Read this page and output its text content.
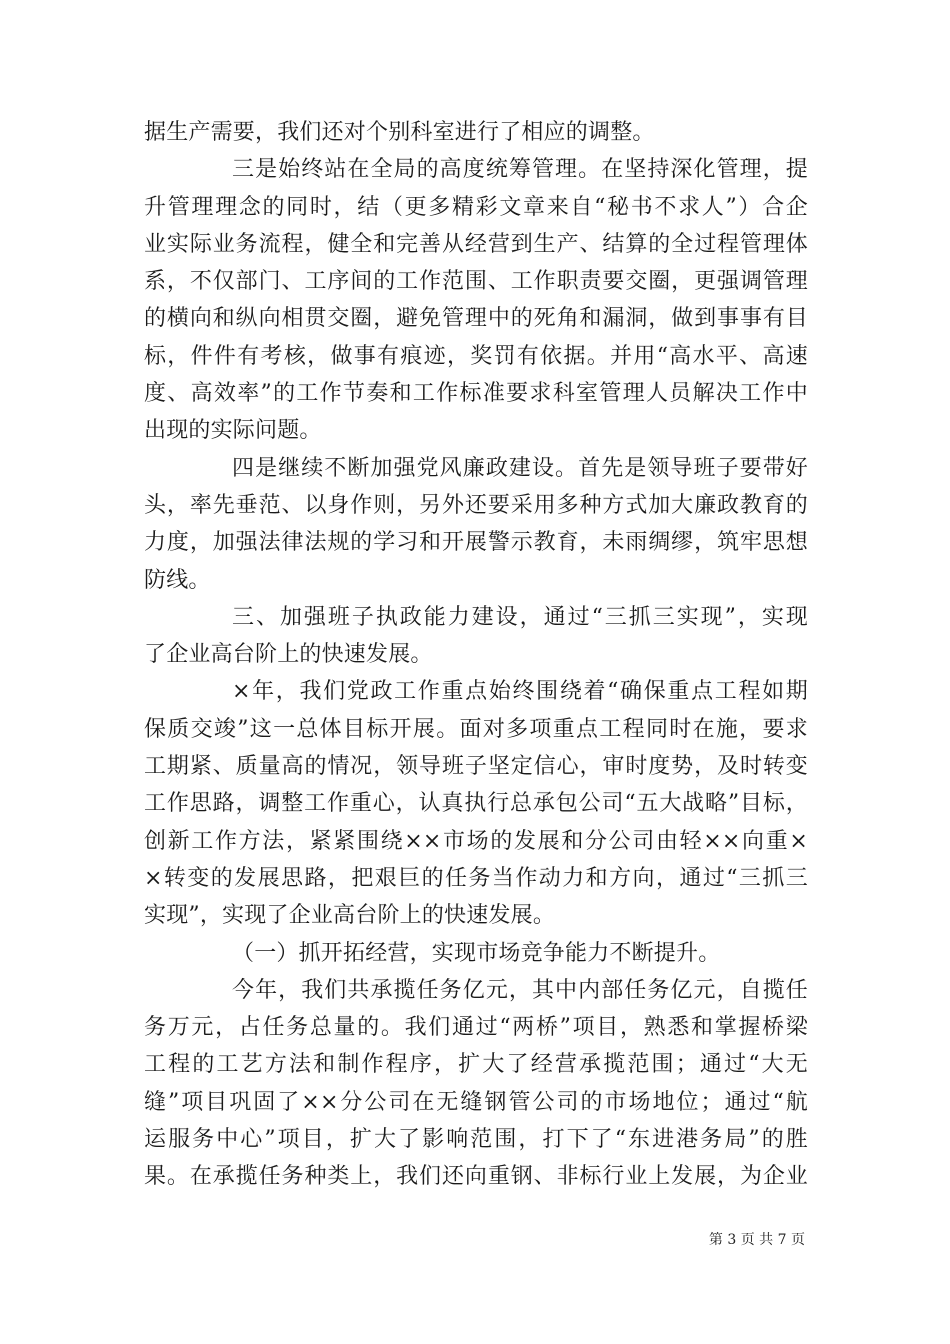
据生产需要，我们还对个别科室进行了相应的调整。
三是始终站在全局的高度统筹管理。在坚持深化管理，提
升管理理念的同时，结（更多精彩文章来自“秘书不求人”）合企
业实际业务流程，健全和完善从经营到生产、结算的全过程管理体
系，不仅部门、工序间的工作范围、工作职责要交圈，更强调管理
的横向和纵向相贯交圈，避免管理中的死角和漏洞，做到事事有目
标，件件有考核，做事有痕迹，奖罚有依据。并用“高水平、高速
度、高效率”的工作节奏和工作标准要求科室管理人员解决工作中
出现的实际问题。
四是继续不断加强党风廉政建设。首先是领导班子要带好
头，率先垂范、以身作则，另外还要采用多种方式加大廉政教育的
力度，加强法律法规的学习和开展警示教育，未雨绸缪，筑牢思想
防线。
三、加强班子执政能力建设，通过“三抓三实现”，实现
了企业高台阶上的快速发展。
×年，我们党政工作重点始终围绕着“确保重点工程如期
保质交竣”这一总体目标开展。面对多项重点工程同时在施，要求
工期紧、质量高的情况，领导班子坚定信心，审时度势，及时转变
工作思路，调整工作重心，认真执行总承包公司“五大战略”目标，
创新工作方法，紧紧围绕××市场的发展和分公司由轻××向重×
×转变的发展思路，把艰巨的任务当作动力和方向，通过“三抓三
实现”，实现了企业高台阶上的快速发展。
（一）抓开拓经营，实现市场竞争能力不断提升。
今年，我们共承揽任务亿元，其中内部任务亿元，自揽任
务万元，占任务总量的。我们通过“两桥”项目，熟悉和掌握桥梁
工程的工艺方法和制作程序，扩大了经营承揽范围；通过“大无
缝”项目巩固了××分公司在无缝钢管公司的市场地位；通过“航
运服务中心”项目，扩大了影响范围，打下了“东进港务局”的胜
果。在承揽任务种类上，我们还向重钢、非标行业上发展，为企业
第 3 页 共 7 页
